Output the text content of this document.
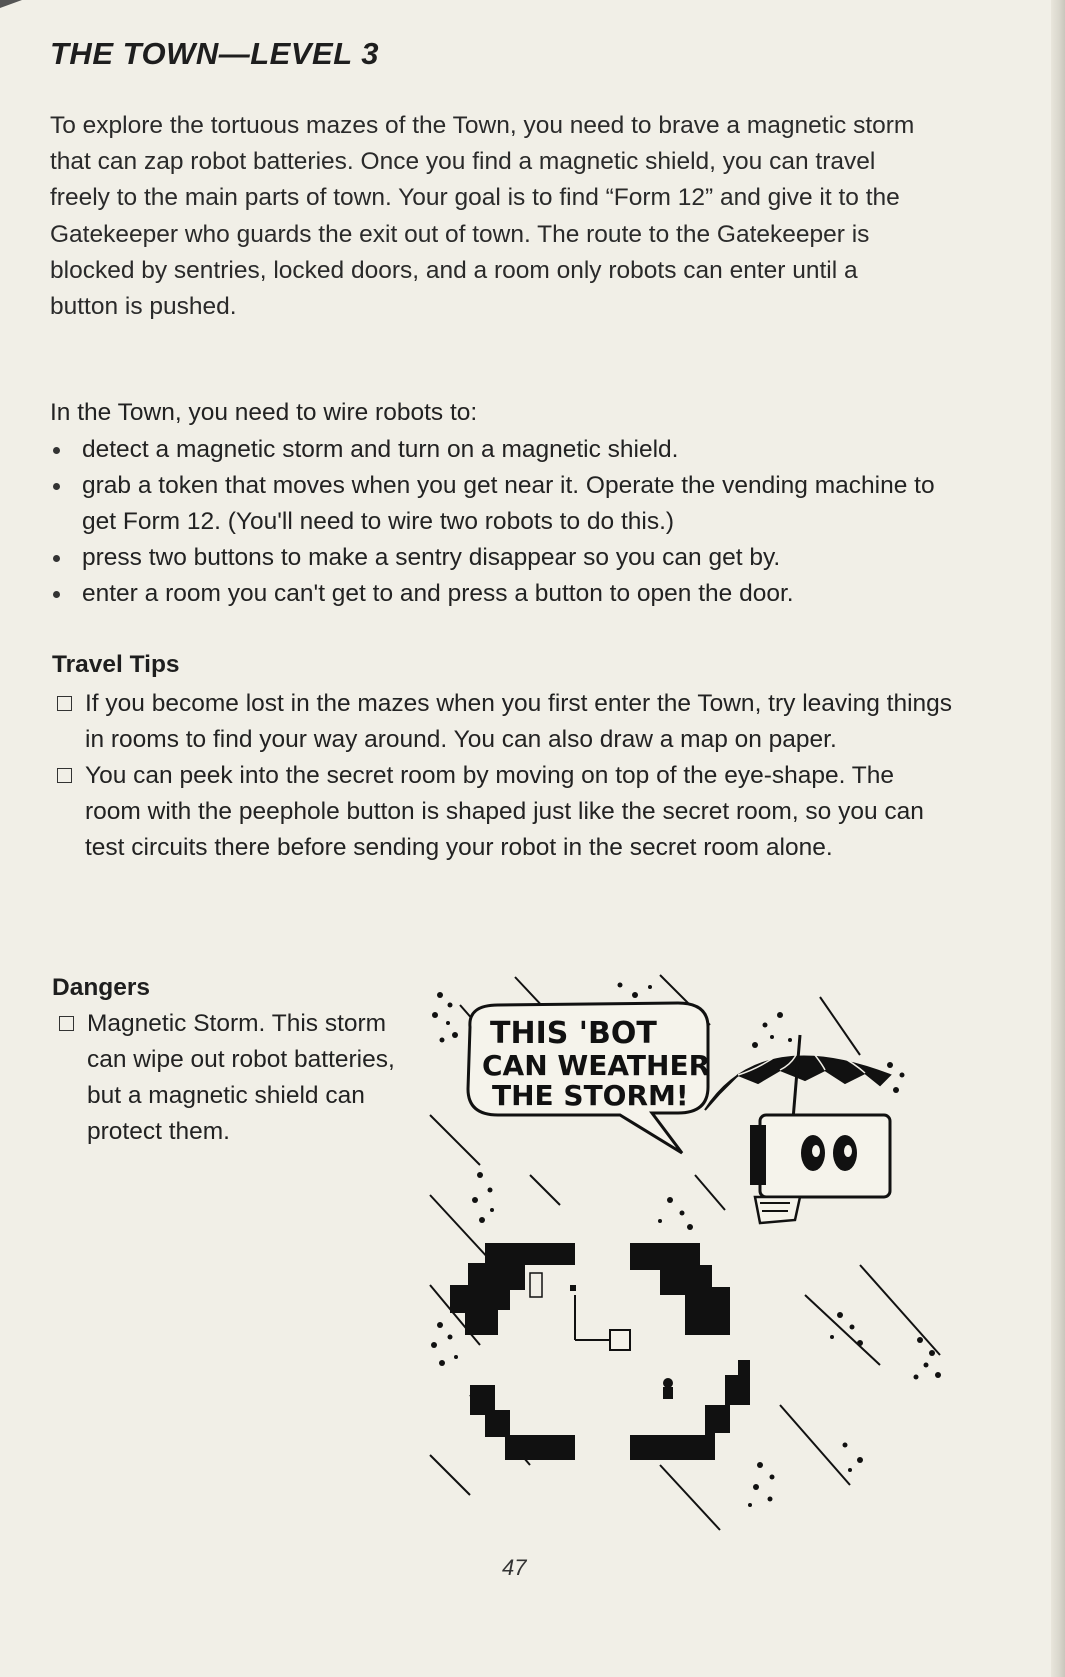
THE TOWN—LEVEL 3

To explore the tortuous mazes of the Town, you need to brave a magnetic storm that can zap robot batteries. Once you find a magnetic shield, you can travel freely to the main parts of town. Your goal is to find “Form 12” and give it to the Gatekeeper who guards the exit out of town. The route to the Gatekeeper is blocked by sentries, locked doors, and a room only robots can enter until a button is pushed.

In the Town, you need to wire robots to:

detect a magnetic storm and turn on a magnetic shield.
grab a token that moves when you get near it. Operate the vending machine to get Form 12. (You'll need to wire two robots to do this.)
press two buttons to make a sentry disappear so you can get by.
enter a room you can't get to and press a button to open the door.
Travel Tips
If you become lost in the mazes when you first enter the Town, try leaving things in rooms to find your way around. You can also draw a map on paper.
You can peek into the secret room by moving on top of the eye-shape. The room with the peephole button is shaped just like the secret room, so you can test circuits there before sending your robot in the secret room alone.
Dangers
Magnetic Storm. This storm can wipe out robot batteries, but a magnetic shield can protect them.
THIS 'BOT
CAN WEATHER
THE STORM!
47
